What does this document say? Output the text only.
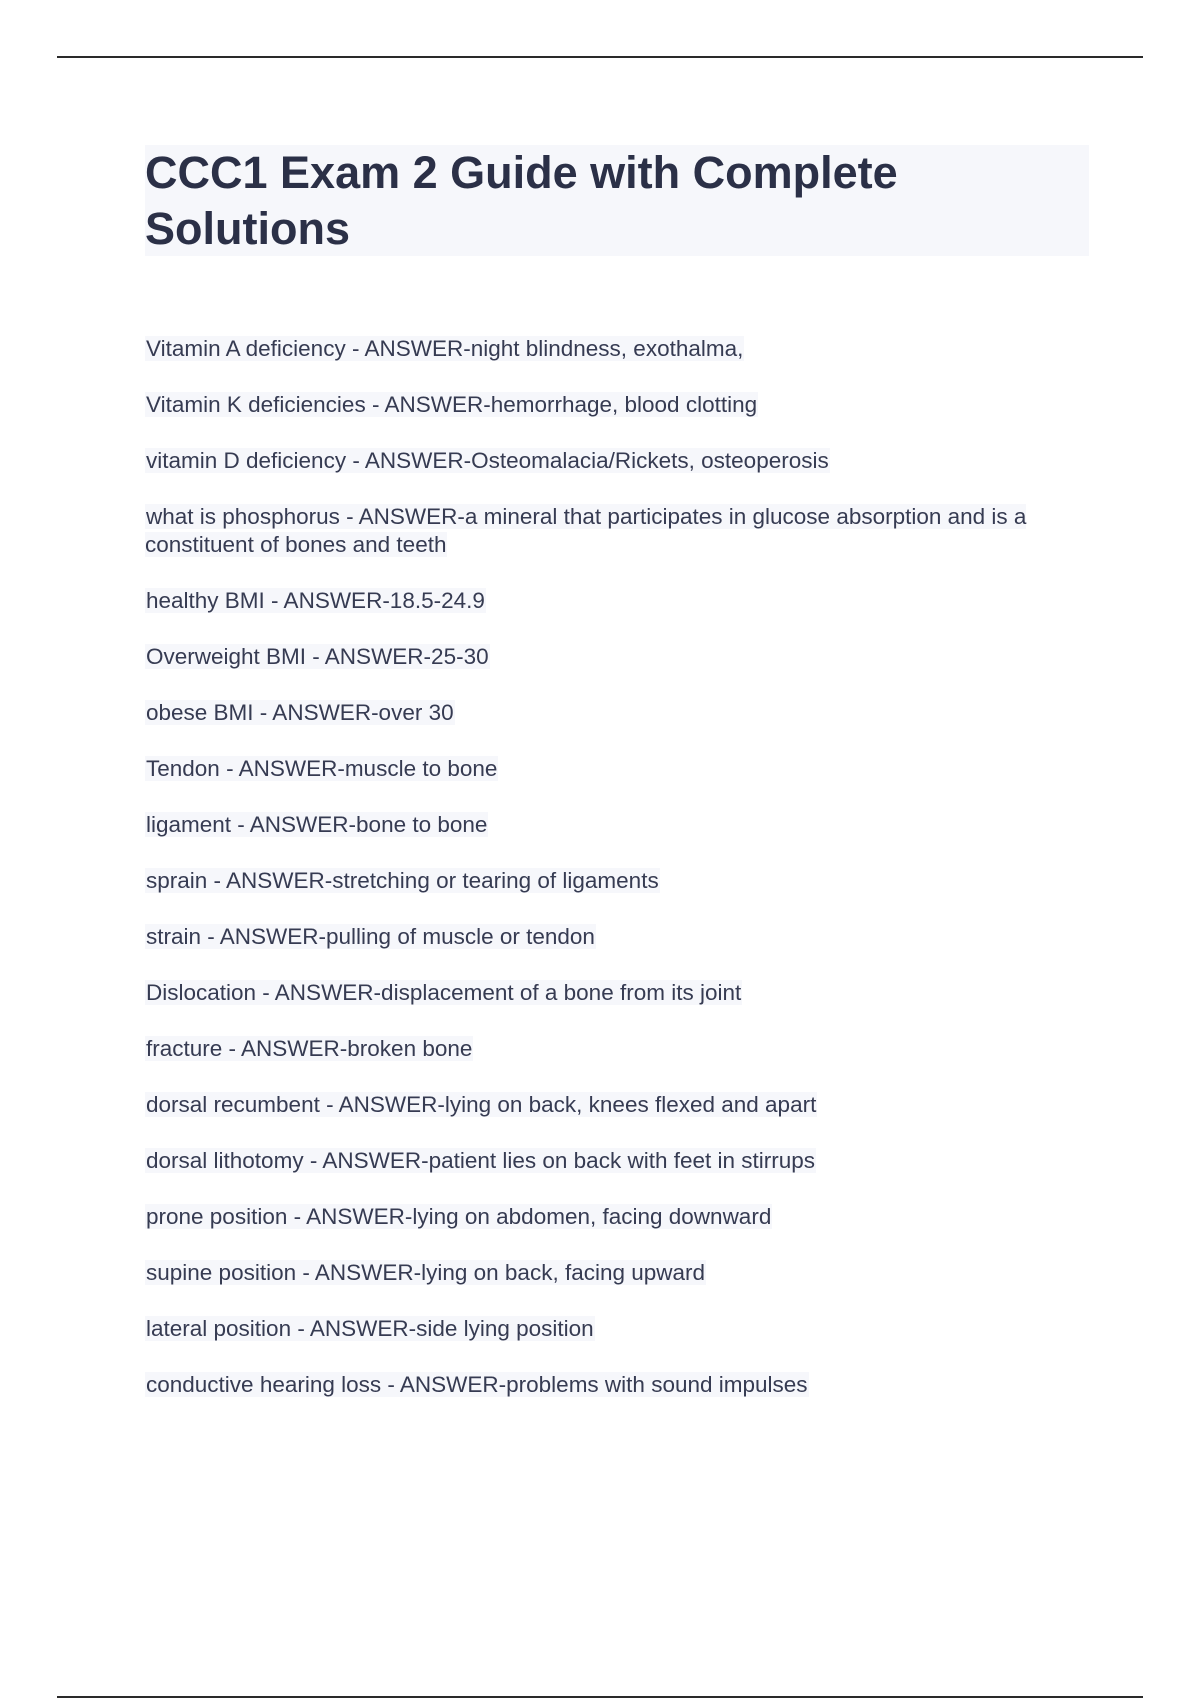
CCC1 Exam 2 Guide with Complete Solutions
Vitamin A deficiency - ANSWER-night blindness, exothalma,
Vitamin K deficiencies - ANSWER-hemorrhage, blood clotting
vitamin D deficiency - ANSWER-Osteomalacia/Rickets, osteoperosis
what is phosphorus - ANSWER-a mineral that participates in glucose absorption and is a constituent of bones and teeth
healthy BMI - ANSWER-18.5-24.9
Overweight BMI - ANSWER-25-30
obese BMI - ANSWER-over 30
Tendon - ANSWER-muscle to bone
ligament - ANSWER-bone to bone
sprain - ANSWER-stretching or tearing of ligaments
strain - ANSWER-pulling of muscle or tendon
Dislocation - ANSWER-displacement of a bone from its joint
fracture - ANSWER-broken bone
dorsal recumbent - ANSWER-lying on back, knees flexed and apart
dorsal lithotomy - ANSWER-patient lies on back with feet in stirrups
prone position - ANSWER-lying on abdomen, facing downward
supine position - ANSWER-lying on back, facing upward
lateral position - ANSWER-side lying position
conductive hearing loss - ANSWER-problems with sound impulses
